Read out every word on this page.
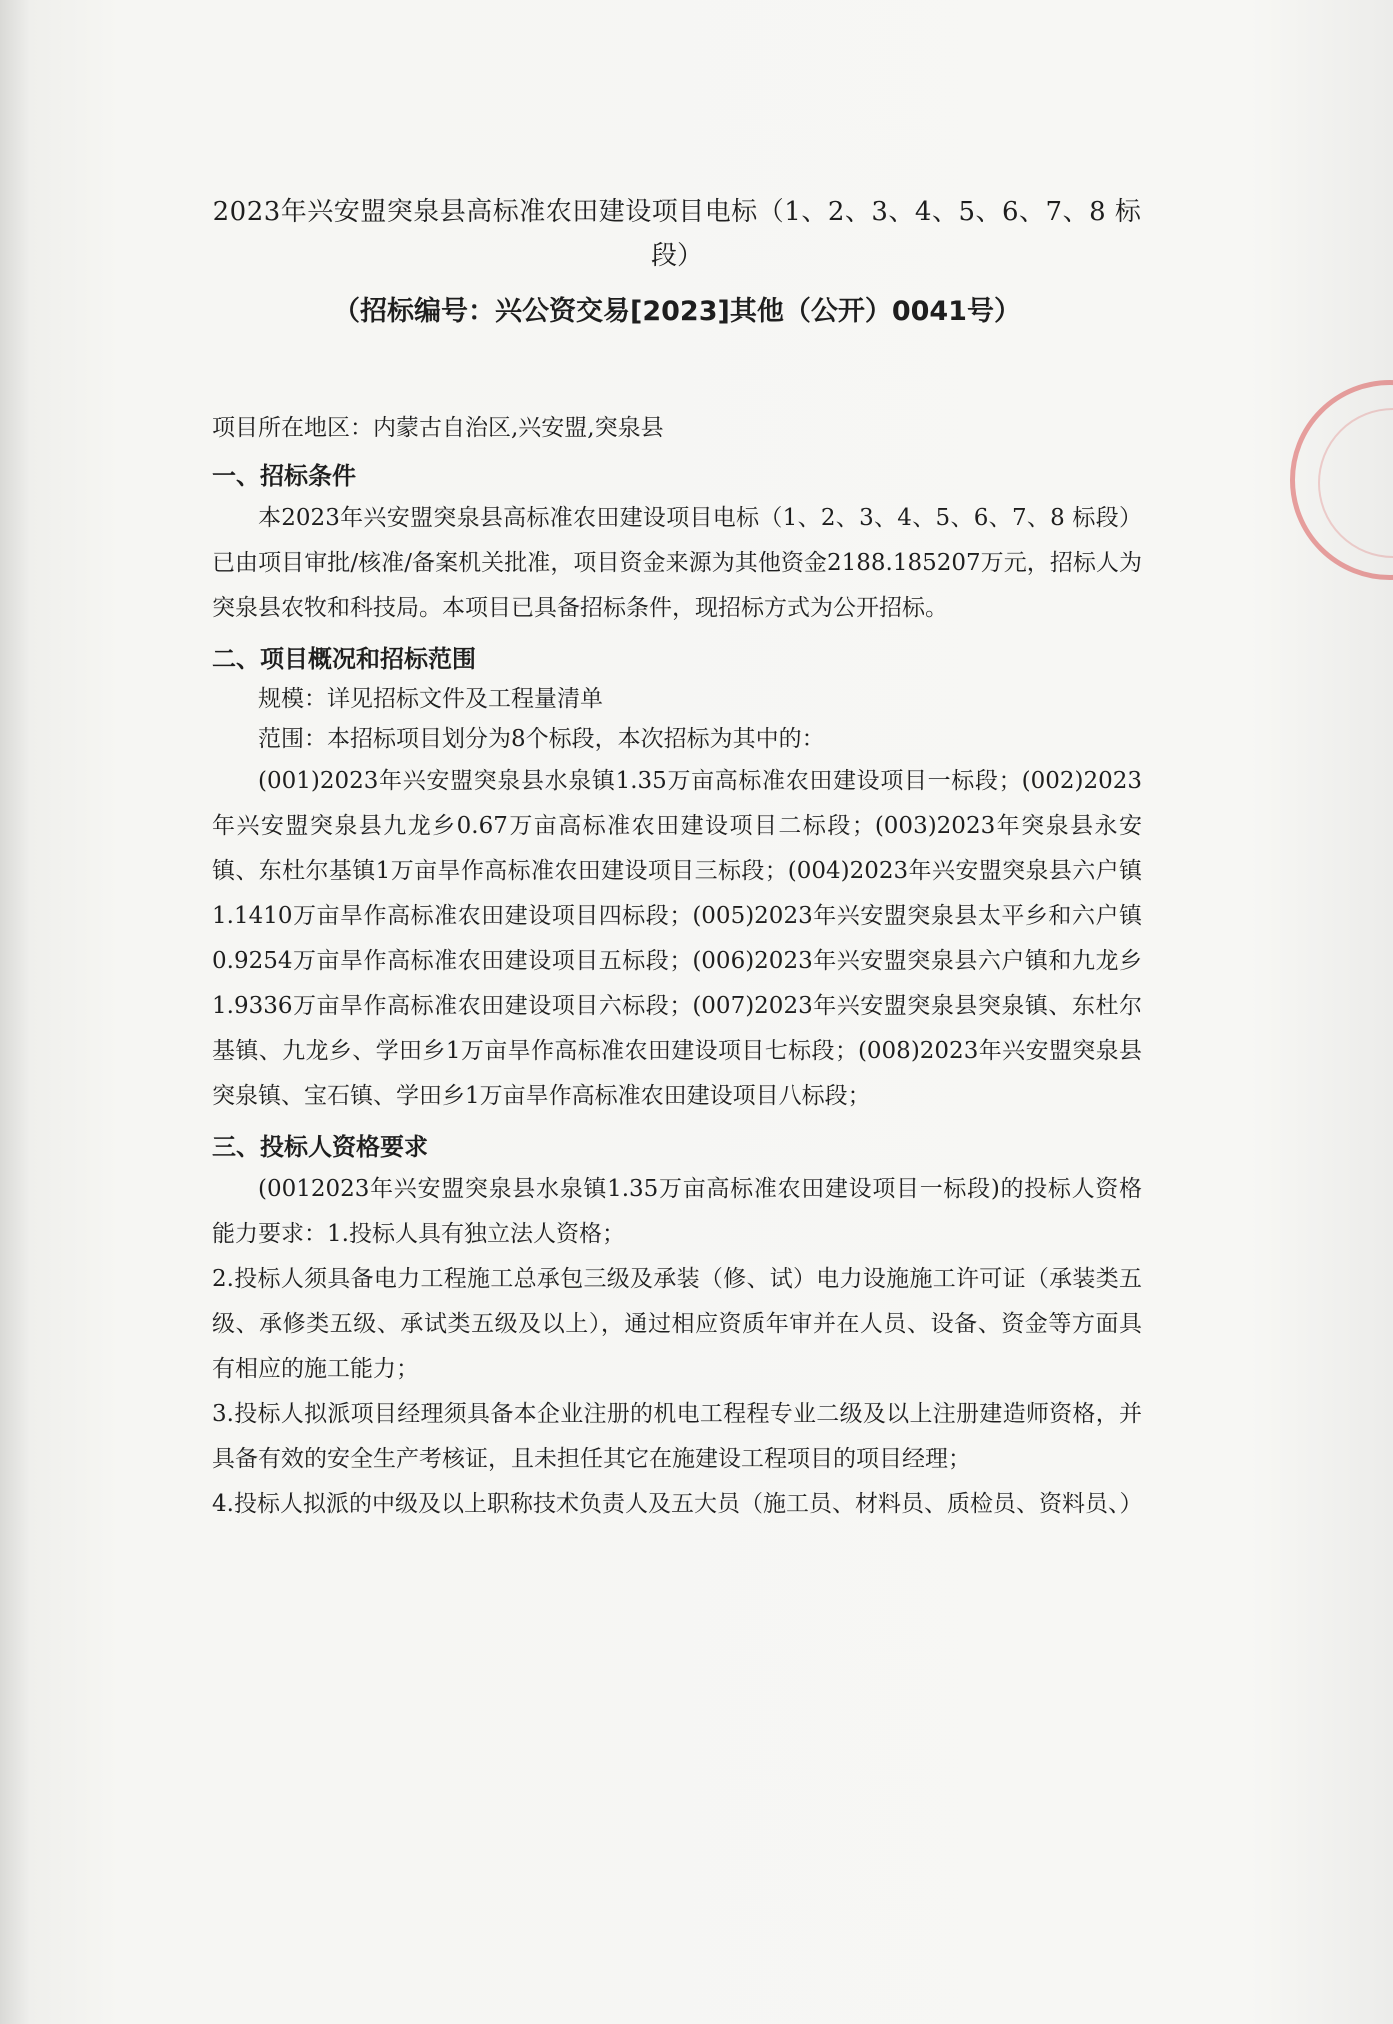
2023年兴安盟突泉县高标准农田建设项目电标（1、2、3、4、5、6、7、8 标

段）

（招标编号：兴公资交易[2023]其他（公开）0041号）

项目所在地区：内蒙古自治区,兴安盟,突泉县

一、招标条件

本2023年兴安盟突泉县高标准农田建设项目电标（1、2、3、4、5、6、7、8 标段）已由项目审批/核准/备案机关批准，项目资金来源为其他资金2188.185207万元，招标人为突泉县农牧和科技局。本项目已具备招标条件，现招标方式为公开招标。

二、项目概况和招标范围

规模：详见招标文件及工程量清单

范围：本招标项目划分为8个标段，本次招标为其中的：

(001)2023年兴安盟突泉县水泉镇1.35万亩高标准农田建设项目一标段；(002)2023年兴安盟突泉县九龙乡0.67万亩高标准农田建设项目二标段；(003)2023年突泉县永安镇、东杜尔基镇1万亩旱作高标准农田建设项目三标段；(004)2023年兴安盟突泉县六户镇1.1410万亩旱作高标准农田建设项目四标段；(005)2023年兴安盟突泉县太平乡和六户镇0.9254万亩旱作高标准农田建设项目五标段；(006)2023年兴安盟突泉县六户镇和九龙乡1.9336万亩旱作高标准农田建设项目六标段；(007)2023年兴安盟突泉县突泉镇、东杜尔基镇、九龙乡、学田乡1万亩旱作高标准农田建设项目七标段；(008)2023年兴安盟突泉县突泉镇、宝石镇、学田乡1万亩旱作高标准农田建设项目八标段；

三、投标人资格要求

(0012023年兴安盟突泉县水泉镇1.35万亩高标准农田建设项目一标段)的投标人资格能力要求：1.投标人具有独立法人资格；

2.投标人须具备电力工程施工总承包三级及承装（修、试）电力设施施工许可证（承装类五级、承修类五级、承试类五级及以上），通过相应资质年审并在人员、设备、资金等方面具有相应的施工能力；

3.投标人拟派项目经理须具备本企业注册的机电工程程专业二级及以上注册建造师资格，并具备有效的安全生产考核证，且未担任其它在施建设工程项目的项目经理；

4.投标人拟派的中级及以上职称技术负责人及五大员（施工员、材料员、质检员、资料员、）
